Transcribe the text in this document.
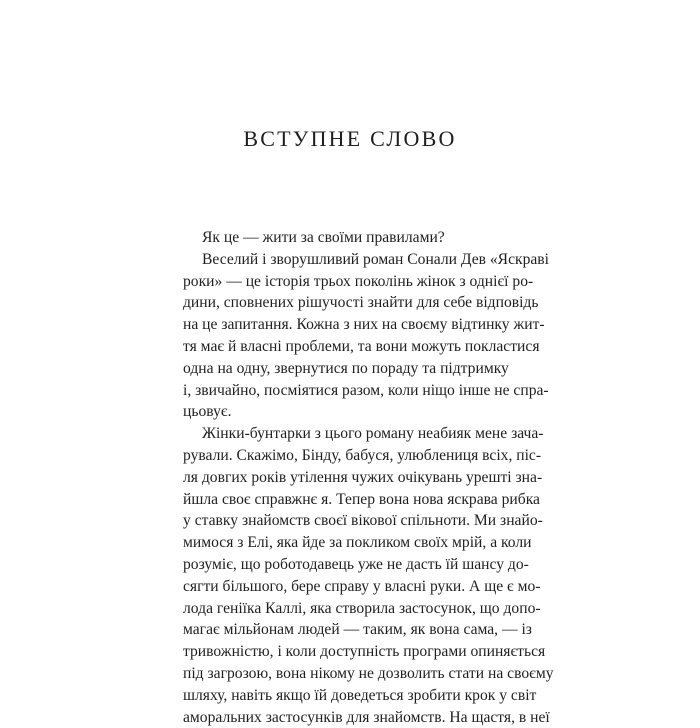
ВСТУПНЕ СЛОВО
Як це — жити за своїми правилами?
Веселий і зворушливий роман Сонали Дев «Яскраві
роки» — це історія трьох поколінь жінок з однієї ро-
дини, сповнених рішучості знайти для себе відповідь
на це запитання. Кожна з них на своєму відтинку жит-
тя має й власні проблеми, та вони можуть покластися
одна на одну, звернутися по пораду та підтримку
і, звичайно, посміятися разом, коли ніщо інше не спра-
цьовує.
Жінки-бунтарки з цього роману неабияк мене зача-
рували. Скажімо, Бінду, бабуся, улюблениця всіх, піс-
ля довгих років утілення чужих очікувань урешті зна-
йшла своє справжнє я. Тепер вона нова яскрава рибка
у ставку знайомств своєї вікової спільноти. Ми знайо-
мимося з Елі, яка йде за покликом своїх мрій, а коли
розуміє, що роботодавець уже не дасть їй шансу до-
сягти більшого, бере справу у власні руки. А ще є мо-
лода геніїка Каллі, яка створила застосунок, що допо-
магає мільйонам людей — таким, як вона сама, — із
тривожністю, і коли доступність програми опиняється
під загрозою, вона нікому не дозволить стати на своєму
шляху, навіть якщо їй доведеться зробити крок у світ
аморальних застосунків для знайомств. На щастя, в неї
